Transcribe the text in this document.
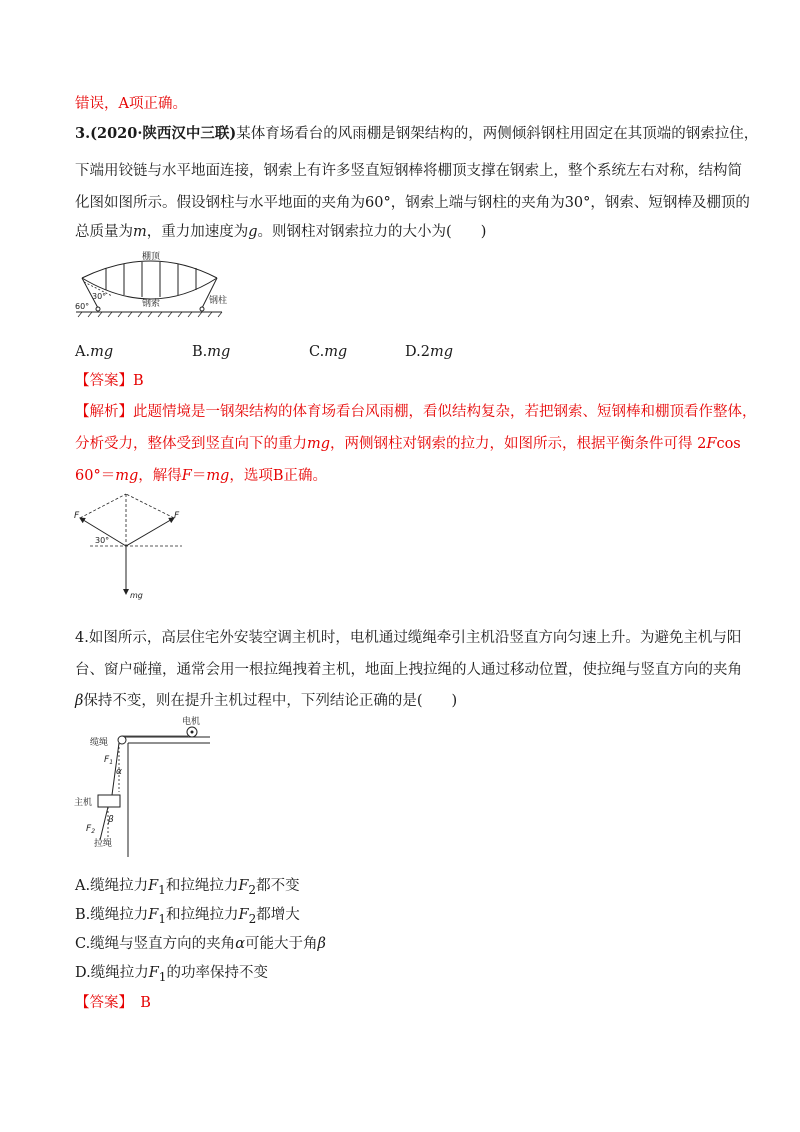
错误，A项正确。
3.(2020·陕西汉中三联)某体育场看台的风雨棚是钢架结构的，两侧倾斜钢柱用固定在其顶端的钢索拉住，
下端用铰链与水平地面连接，钢索上有许多竖直短钢棒将棚顶支撑在钢索上，整个系统左右对称，结构简
化图如图所示。假设钢柱与水平地面的夹角为60°，钢索上端与钢柱的夹角为30°，钢索、短钢棒及棚顶的
总质量为m，重力加速度为g。则钢柱对钢索拉力的大小为(　　)
棚顶
钢索	钢柱
30°
60°
A.mg	B.mg	C.mg	D.2mg
【答案】B
【解析】此题情境是一钢架结构的体育场看台风雨棚，看似结构复杂，若把钢索、短钢棒和棚顶看作整体，
分析受力，整体受到竖直向下的重力mg，两侧钢柱对钢索的拉力，如图所示，根据平衡条件可得 2Fcos
60°＝mg，解得F＝mg，选项B正确。
F	F
30°
mg
4.如图所示，高层住宅外安装空调主机时，电机通过缆绳牵引主机沿竖直方向匀速上升。为避免主机与阳
台、窗户碰撞，通常会用一根拉绳拽着主机，地面上拽拉绳的人通过移动位置，使拉绳与竖直方向的夹角
β保持不变，则在提升主机过程中，下列结论正确的是(　　)
电机
缆绳
$F_1$
α
主机
β
$F_2$
拉绳
A.缆绳拉力$F_1$和拉绳拉力$F_2$都不变
B.缆绳拉力$F_1$和拉绳拉力$F_2$都增大
C.缆绳与竖直方向的夹角α可能大于角β
D.缆绳拉力$F_1$的功率保持不变
【答案】　B
